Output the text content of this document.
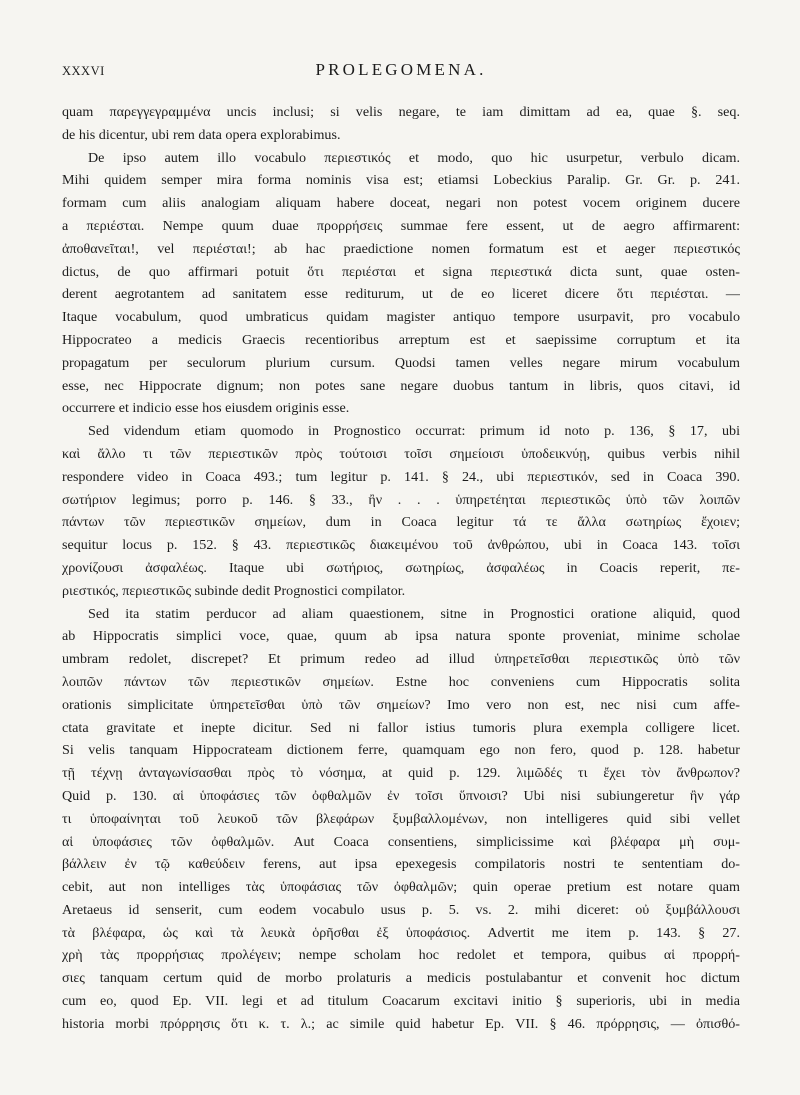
XXXVI	PROLEGOMENA.
quam παρεγγεγραμμένα uncis inclusi; si velis negare, te iam dimittam ad ea, quae §. seq.
de his dicentur, ubi rem data opera explorabimus.
De ipso autem illo vocabulo περιεστικός et modo, quo hic usurpetur, verbulo dicam.
Mihi quidem semper mira forma nominis visa est; etiamsi Lobeckius Paralip. Gr. Gr. p. 241.
formam cum aliis analogiam aliquam habere doceat, negari non potest vocem originem ducere
a περιέσται. Nempe quum duae προρρήσεις summae fere essent, ut de aegro affirmarent:
ἀποθανεῖται!, vel περιέσται!; ab hac praedictione nomen formatum est et aeger περιεστικός
dictus, de quo affirmari potuit ὅτι περιέσται et signa περιεστικά dicta sunt, quae osten-
derent aegrotantem ad sanitatem esse rediturum, ut de eo liceret dicere ὅτι περιέσται. —
Itaque vocabulum, quod umbraticus quidam magister antiquo tempore usurpavit, pro vocabulo
Hippocrateo a medicis Graecis recentioribus arreptum est et saepissime corruptum et ita
propagatum per seculorum plurium cursum. Quodsi tamen velles negare mirum vocabulum
esse, nec Hippocrate dignum; non potes sane negare duobus tantum in libris, quos citavi, id
occurrere et indicio esse hos eiusdem originis esse.
Sed videndum etiam quomodo in Prognostico occurrat: primum id noto p. 136, § 17, ubi
καὶ ἄλλο τι τῶν περιεστικῶν πρὸς τούτοισι τοῖσι σημείοισι ὑποδεικνύῃ, quibus verbis nihil
respondere video in Coaca 493.; tum legitur p. 141. § 24., ubi περιεστικόν, sed in Coaca 390.
σωτήριον legimus; porro p. 146. § 33., ἢν . . . ὑπηρετέηται περιεστικῶς ὑπὸ τῶν λοιπῶν
πάντων τῶν περιεστικῶν σημείων, dum in Coaca legitur τά τε ἄλλα σωτηρίως ἔχοιεν;
sequitur locus p. 152. § 43. περιεστικῶς διακειμένου τοῦ ἀνθρώπου, ubi in Coaca 143. τοῖσι
χρονίζουσι ἀσφαλέως. Itaque ubi σωτήριος, σωτηρίως, ἀσφαλέως in Coacis reperit, πε-
ριεστικός, περιεστικῶς subinde dedit Prognostici compilator.
Sed ita statim perducor ad aliam quaestionem, sitne in Prognostici oratione aliquid, quod
ab Hippocratis simplici voce, quae, quum ab ipsa natura sponte proveniat, minime scholae
umbram redolet, discrepet? Et primum redeo ad illud ὑπηρετεῖσθαι περιεστικῶς ὑπὸ τῶν
λοιπῶν πάντων τῶν περιεστικῶν σημείων. Estne hoc conveniens cum Hippocratis solita
orationis simplicitate ὑπηρετεῖσθαι ὑπὸ τῶν σημείων? Imo vero non est, nec nisi cum affe-
ctata gravitate et inepte dicitur. Sed ni fallor istius tumoris plura exempla colligere licet.
Si velis tanquam Hippocrateam dictionem ferre, quamquam ego non fero, quod p. 128. habetur
τῇ τέχνῃ ἀνταγωνίσασθαι πρὸς τὸ νόσημα, at quid p. 129. λιμῶδές τι ἔχει τὸν ἄνθρωπον?
Quid p. 130. αἱ ὑποφάσιες τῶν ὀφθαλμῶν ἐν τοῖσι ὕπνοισι? Ubi nisi subiungeretur ἢν γάρ
τι ὑποφαίνηται τοῦ λευκοῦ τῶν βλεφάρων ξυμβαλλομένων, non intelligeres quid sibi vellet
αἱ ὑποφάσιες τῶν ὀφθαλμῶν. Aut Coaca consentiens, simplicissime καὶ βλέφαρα μὴ συμ-
βάλλειν ἐν τῷ καθεύδειν ferens, aut ipsa epexegesis compilatoris nostri te sententiam do-
cebit, aut non intelliges τὰς ὑποφάσιας τῶν ὀφθαλμῶν; quin operae pretium est notare quam
Aretaeus id senserit, cum eodem vocabulo usus p. 5. vs. 2. mihi diceret: οὐ ξυμβάλλουσι
τὰ βλέφαρα, ὡς καὶ τὰ λευκὰ ὁρῆσθαι ἐξ ὑποφάσιος. Advertit me item p. 143. § 27.
χρὴ τὰς προρρήσιας προλέγειν; nempe scholam hoc redolet et tempora, quibus αἱ προρρή-
σιες tanquam certum quid de morbo prolaturis a medicis postulabantur et convenit hoc dictum
cum eo, quod Ep. VII. legi et ad titulum Coacarum excitavi initio § superioris, ubi in media
historia morbi πρόρρησις ὅτι κ. τ. λ.; ac simile quid habetur Ep. VII. § 46. πρόρρησις, — ὀπισθό-
